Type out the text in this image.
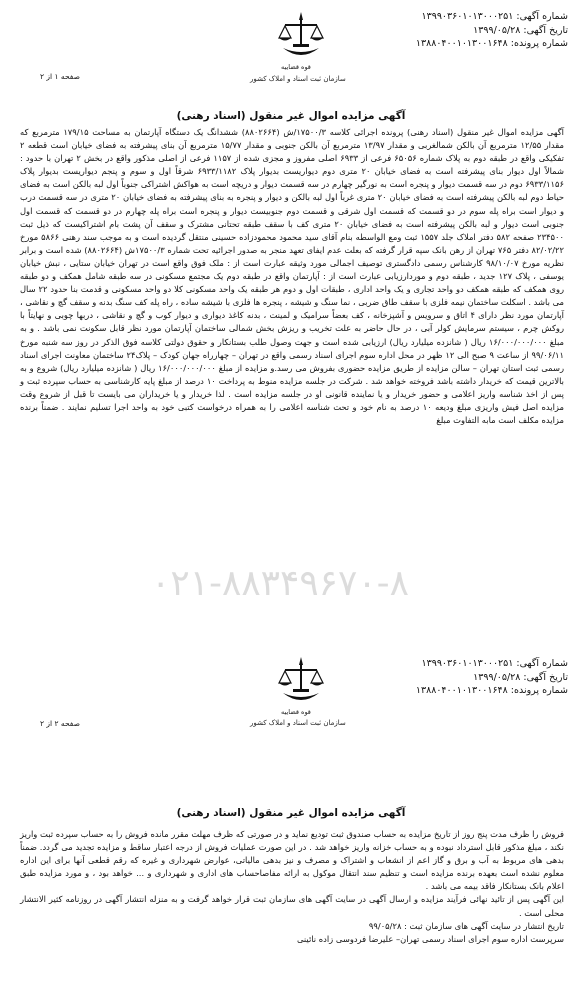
شماره آگهی: ۱۳۹۹۰۳۶۰۱۰۱۳۰۰۰۲۵۱
تاریخ آگهی: ۱۳۹۹/۰۵/۲۸
شماره پرونده: ۱۳۸۸۰۴۰۰۱۰۱۳۰۰۱۶۴۸
صفحه ۱ از ۲
قوه قضاییه
سازمان ثبت اسناد و املاک کشور
آگهی مزایده اموال غیر منقول (اسناد رهنی)

آگهی مزایده اموال غیر منقول (اسناد رهنی) پرونده اجرائی کلاسه ۱۷۵۰۰/۳/ش (۸۸۰۲۶۶۴) ششدانگ یک دستگاه آپارتمان به مساحت ۱۷۹/۱۵ مترمربع که مقدار ۱۲/۵۵ مترمربع آن بالکن شمالغربی و مقدار ۱۳/۹۷ مترمربع آن بالکن جنوبی و مقدار ۱۵/۷۷ مترمربع آن بنای پیشرفته به فضای خیابان است قطعه ۲ تفکیکی واقع در طبقه دوم به پلاک شماره ۶۵۰۵۶ فرعی از ۶۹۳۳ اصلی مفروز و مجزی شده از ۱۱۵۷ فرعی از اصلی مذکور واقع در بخش ۲ تهران با حدود : شمالاً اول دیوار بنای پیشرفته است به فضای خیابان ۲۰ متری دوم دیواریست بدیوار پلاک ۶۹۳۳/۱۱۸۲ شرقاً اول و سوم و پنجم دیواریست بدیوار پلاک ۶۹۳۳/۱۱۵۶ دوم در سه قسمت دیوار و پنجره است به نورگیر چهارم در سه قسمت دیوار و دریچه است به هواکش اشتراکی جنوباً اول لبه بالکن است به فضای حیاط دوم لبه بالکن پیشرفته است به فضای خیابان ۲۰ متری غرباً اول لبه بالکن و دیوار و پنجره به بنای پیشرفته به فضای خیابان ۲۰ متری در سه قسمت درب و دیوار است براه پله سوم در دو قسمت که قسمت اول شرقی و قسمت دوم جنوبیست دیوار و پنجره است براه پله چهارم در دو قسمت که قسمت اول جنوبی است دیوار و لبه بالکن پیشرفته است به فضای خیابان ۲۰ متری کف با سقف طبقه تحتانی مشترک و سقف آن پشت بام اشتراکیست که ذیل ثبت ۲۳۴۵۰۰ صفحه ۵۸۲ دفتر املاک جلد ۱۵۵۷ ثبت ومع الواسطه بنام آقای سید محمود محمودزاده حسینی منتقل گردیده است و به موجب سند رهنی ۵۸۶۶ مورخ ۸۲/۰۲/۲۲ دفتر ۷۶۵ تهران از رهن بانک سپه قرار گرفته که بعلت عدم ایفای تعهد منجر به صدور اجرائیه تحت شماره ۱۷۵۰۰/۳ش (۸۸۰۲۶۶۴) شده است و برابر نظریه مورخ ۹۸/۱۰/۰۷ کارشناس رسمی دادگستری توصیف اجمالی مورد وثیقه عبارت است از : ملک فوق واقع است در تهران خیابان ستایی ، نبش خیابان یوسفی ، پلاک ۱۲۷ جدید ، طبقه دوم و موردارزیابی عبارت است از : آپارتمان واقع در طبقه دوم یک مجتمع مسکونی در سه طبقه شامل همکف و دو طبقه روی همکف که طبقه همکف دو واحد تجاری و یک واحد اداری ، طبقات اول و دوم هر طبقه یک واحد مسکونی کلا دو واحد مسکونی و قدمت بنا حدود ۲۲ سال می باشد . اسکلت ساختمان نیمه فلزی با سقف طاق ضربی ، نما سنگ و شیشه ، پنجره ها فلزی با شیشه ساده ، راه پله کف سنگ بدنه و سقف گچ و نقاشی ، آپارتمان مورد نظر دارای ۴ اتاق و سرویس و آشپزخانه ، کف بعضاً سرامیک و لمینت ، بدنه کاغذ دیواری و دیوار کوب و گچ و نقاشی ، دربها چوبی و نهایتاً با روکش چرم ، سیستم سرمایش کولر آبی ، در حال حاضر به علت تخریب و ریزش بخش شمالی ساختمان آپارتمان مورد نظر قابل سکونت نمی باشد . و به مبلغ ۱۶/۰۰۰/۰۰۰/۰۰۰ ریال ( شانزده میلیارد ریال) ارزیابی شده است و جهت وصول طلب بستانکار و حقوق دولتی کلاسه فوق الذکر در روز سه شنبه مورخ ۹۹/۰۶/۱۱ از ساعت ۹ صبح الی ۱۲ ظهر در محل اداره سوم اجرای اسناد رسمی واقع در تهران – چهارراه جهان کودک – پلاک۲۴ ساختمان معاونت اجرای اسناد رسمی ثبت استان تهران – سالن مزایده از طریق مزایده حضوری بفروش می رسد.و مزایده از مبلغ ۱۶/۰۰۰/۰۰۰/۰۰۰ ریال ( شانزده میلیارد ریال) شروع و به بالاترین قیمت که خریدار داشته باشد فروخته خواهد شد . شرکت در جلسه مزایده منوط به پرداخت ۱۰ درصد از مبلغ پایه کارشناسی به حساب سپرده ثبت و پس از اخذ شناسه واریز اعلامی و حضور خریدار و یا نماینده قانونی او در جلسه مزایده است . لذا خریدار و یا خریداران می بایست تا قبل از شروع وقت مزایده اصل فیش واریزی مبلغ ودیعه ۱۰ درصد به نام خود و تحت شناسه اعلامی را به همراه درخواست کتبی خود به واحد اجرا تسلیم نمایند . ضمناً برنده مزایده مکلف است مابه التفاوت مبلغ

۰۲۱-۸۸۳۴۹۶۷۰-۸
شماره آگهی: ۱۳۹۹۰۳۶۰۱۰۱۳۰۰۰۲۵۱
تاریخ آگهی: ۱۳۹۹/۰۵/۲۸
شماره پرونده: ۱۳۸۸۰۴۰۰۱۰۱۳۰۰۱۶۴۸
صفحه ۲ از ۲
قوه قضاییه
سازمان ثبت اسناد و املاک کشور
آگهی مزایده اموال غیر منقول (اسناد رهنی)

فروش را ظرف مدت پنج روز از تاریخ مزایده به حساب صندوق ثبت تودیع نماید و در صورتی که ظرف مهلت مقرر مانده فروش را به حساب سپرده ثبت واریز نکند ، مبلغ مذکور قابل استرداد نبوده و به حساب خزانه واریز خواهد شد . در این صورت عملیات فروش از درجه اعتبار ساقط و مزایده تجدید می گردد. ضمناً بدهی های مربوط به آب و برق و گاز اعم از انشعاب و اشتراک و مصرف و نیز بدهی مالیاتی، عوارض شهرداری و غیره که رقم قطعی آنها برای این اداره معلوم نشده است بعهده برنده مزایده است و تنظیم سند انتقال موکول به ارائه مفاصاحساب های اداری و شهرداری و ... خواهد بود ، و مورد مزایده طبق اعلام بانک بستانکار فاقد بیمه می باشد .

این آگهی پس از تائید نهائی فرآیند مزایده و ارسال آگهی در سایت آگهی های سازمان ثبت قرار خواهد گرفت و به منزله انتشار آگهی در روزنامه کثیر الانتشار محلی است .

تاریخ انتشار در سایت آگهی های سازمان ثبت : ۹۹/۰۵/۲۸

سرپرست اداره سوم اجرای اسناد رسمی تهران– علیرضا فردوسی زاده نائینی
